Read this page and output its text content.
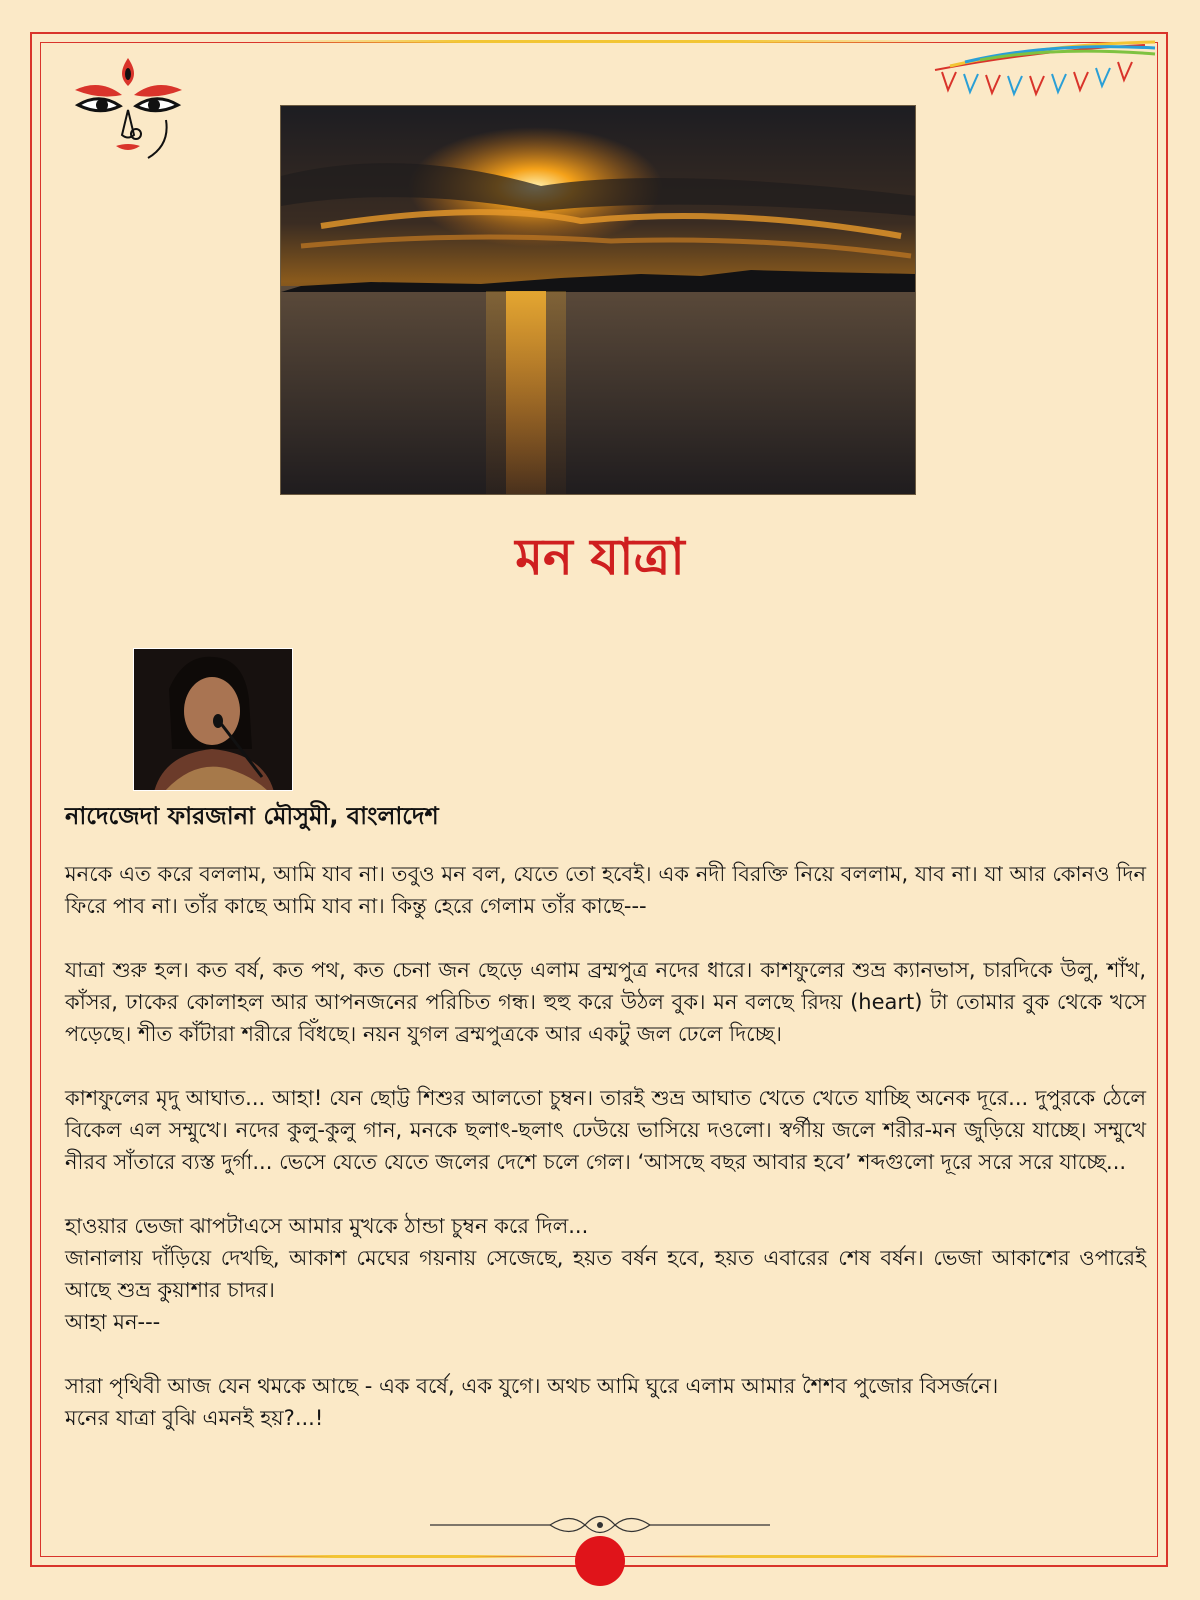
মন যাত্রা

নাদেজেদা ফারজানা মৌসুমী, বাংলাদেশ

মনকে এত করে বললাম, আমি যাব না। তবুও মন বল, যেতে তো হবেই। এক নদী বিরক্তি নিয়ে বললাম, যাব না। যা আর কোনও দিন ফিরে পাব না। তাঁর কাছে আমি যাব না। কিন্তু হেরে গেলাম তাঁর কাছে---

যাত্রা শুরু হল। কত বর্ষ, কত পথ, কত চেনা জন ছেড়ে এলাম ব্রম্মপুত্র নদের ধারে। কাশফুলের শুভ্র ক্যানভাস, চারদিকে উলু, শাঁখ, কাঁসর, ঢাকের কোলাহল আর আপনজনের পরিচিত গন্ধ। হুহু করে উঠল বুক। মন বলছে রিদয় (heart) টা তোমার বুক থেকে খসে পড়েছে। শীত কাঁটারা শরীরে বিঁধছে। নয়ন যুগল ব্রম্মপুত্রকে আর একটু জল ঢেলে দিচ্ছে।

কাশফুলের মৃদু আঘাত... আহা! যেন ছোট্ট শিশুর আলতো চুম্বন। তারই শুভ্র আঘাত খেতে খেতে যাচ্ছি অনেক দূরে... দুপুরকে ঠেলে বিকেল এল সম্মুখে। নদের কুলু-কুলু গান, মনকে ছলাৎ-ছলাৎ ঢেউয়ে ভাসিয়ে দওলো। স্বর্গীয় জলে শরীর-মন জুড়িয়ে যাচ্ছে। সম্মুখে নীরব সাঁতারে ব্যস্ত দুর্গা... ভেসে যেতে যেতে জলের দেশে চলে গেল। ‘আসছে বছর আবার হবে’ শব্দগুলো দূরে সরে সরে যাচ্ছে...

হাওয়ার ভেজা ঝাপটাএসে আমার মুখকে ঠান্ডা চুম্বন করে দিল...

জানালায় দাঁড়িয়ে দেখছি, আকাশ মেঘের গয়নায় সেজেছে, হয়ত বর্ষন হবে, হয়ত এবারের শেষ বর্ষন। ভেজা আকাশের ওপারেই আছে শুভ্র কুয়াশার চাদর।

আহা মন---

সারা পৃথিবী আজ যেন থমকে আছে - এক বর্ষে, এক যুগে। অথচ আমি ঘুরে এলাম আমার শৈশব পুজোর বিসর্জনে।

মনের যাত্রা বুঝি এমনই হয়?...!
